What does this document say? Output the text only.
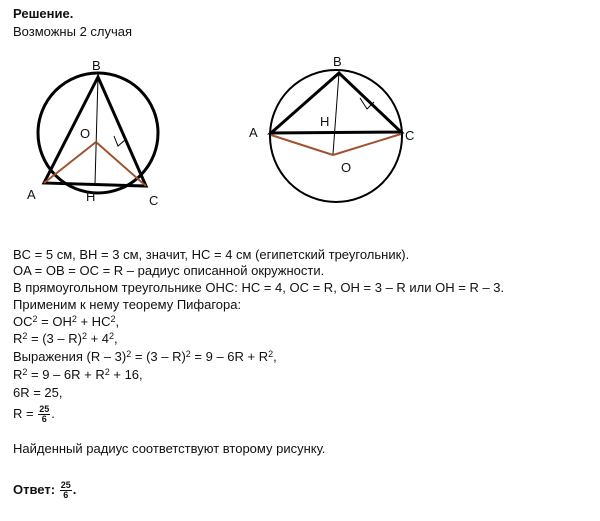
Решение.
Возможны 2 случая
B
O
A	H	C
B
A
H
C
O
BC = 5 см, BH = 3 см, значит, HC = 4 см (египетский треугольник).
OA = OB = OC = R – радиус описанной окружности.
В прямоугольном треугольнике OHC: HC = 4, OC = R, OH = 3 – R или OH = R – 3.
Применим к нему теорему Пифагора:
$OC^2 = OH^2 + HC^2$,
$R^2 = (3 - R)^2 + 4^2$,
Выражения $(R - 3)^2 = (3 - R)^2 = 9 - 6R + R^2$,
$R^2 = 9 - 6R + R^2 + 16$,
6R = 25,
$R = \frac{25}{6}$ .
Найденный радиус соответствуют второму рисунку.
Ответ: $\frac{25}{6}$ .
